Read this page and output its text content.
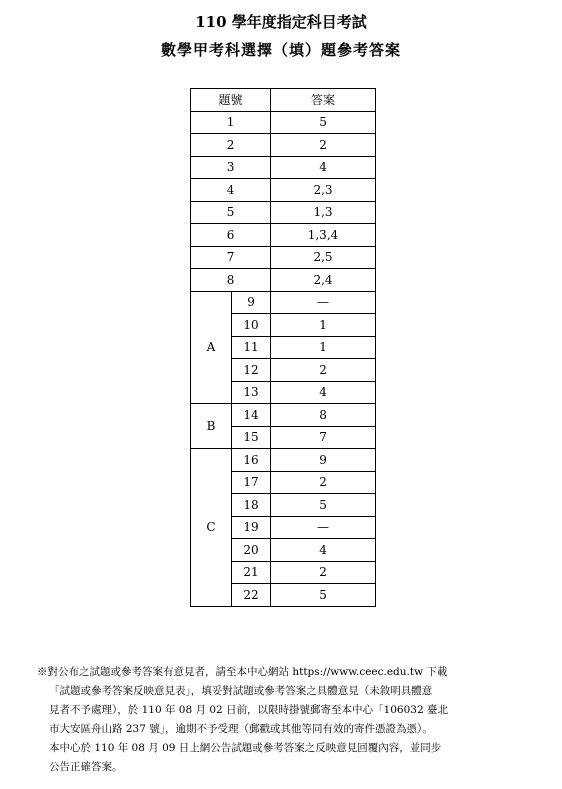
110 學年度指定科目考試
數學甲考科選擇（填）題參考答案
題號		答案
1		5
2		2
3		4
4		2,3
5		1,3
6		1,3,4
7		2,5
8		2,4
A	9	—
	10	1
	11	1
	12	2
	13	4
B	14	8
	15	7
C	16	9
	17	2
	18	5
	19	—
	20	4
	21	2
	22	5
※對公布之試題或參考答案有意見者，請至本中心網站 https://www.ceec.edu.tw 下載
「試題或參考答案反映意見表」，填妥對試題或參考答案之具體意見（未敘明具體意
見者不予處理），於 110 年 08 月 02 日前，以限時掛號郵寄至本中心「106032 臺北
市大安區舟山路 237 號」，逾期不予受理（郵戳或其他等同有效的寄件憑證為憑）。
本中心於 110 年 08 月 09 日上網公告試題或參考答案之反映意見回覆內容，並同步
公告正確答案。
